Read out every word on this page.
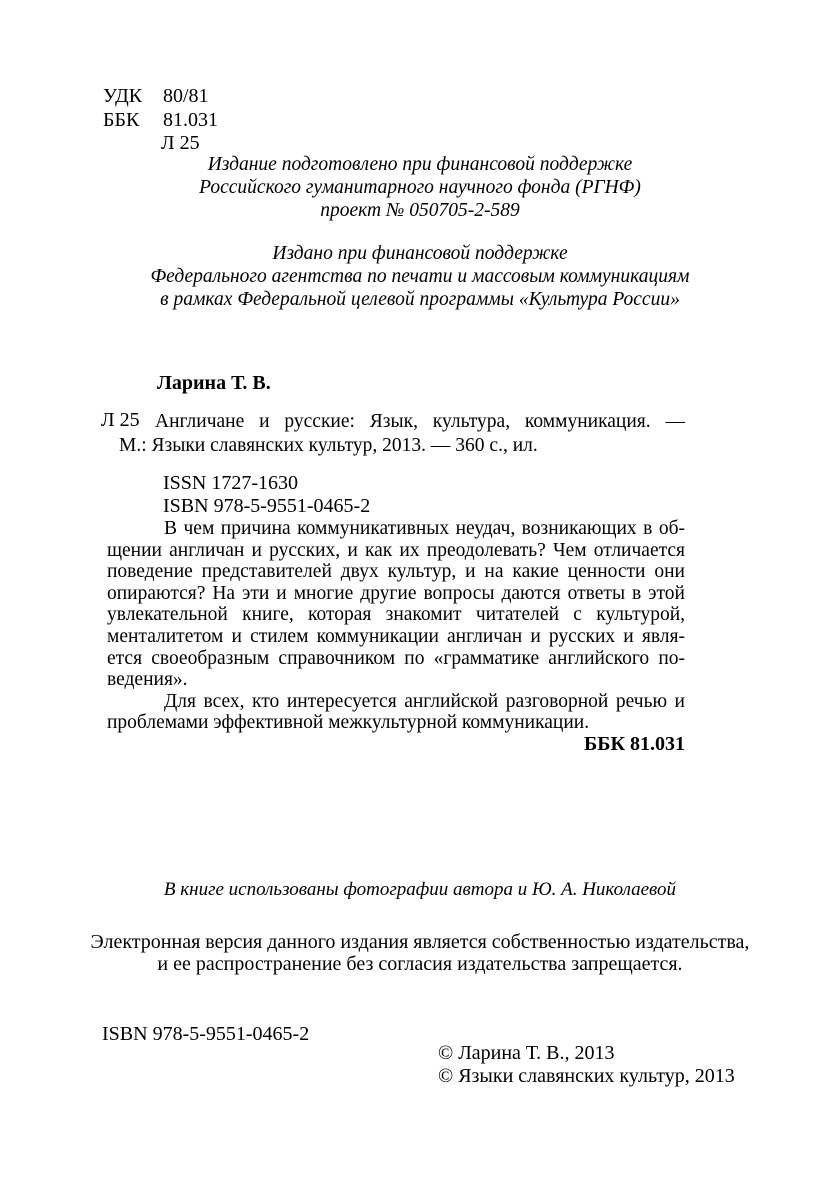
УДК 80/81
ББК 81.031
Л 25
Издание подготовлено при финансовой поддержке
Российского гуманитарного научного фонда (РГНФ)
проект № 050705-2-589
Издано при финансовой поддержке
Федерального агентства по печати и массовым коммуникациям
в рамках Федеральной целевой программы «Культура России»
Ларина Т. В.
Л 25 Англичане и русские: Язык, культура, коммуникация. —
М.: Языки славянских культур, 2013. — 360 с., ил.
ISSN 1727-1630
ISBN 978-5-9551-0465-2
В чем причина коммуникативных неудач, возникающих в об-
щении англичан и русских, и как их преодолевать? Чем отличается
поведение представителей двух культур, и на какие ценности они
опираются? На эти и многие другие вопросы даются ответы в этой
увлекательной книге, которая знакомит читателей с культурой,
менталитетом и стилем коммуникации англичан и русских и явля-
ется своеобразным справочником по «грамматике английского по-
ведения».
Для всех, кто интересуется английской разговорной речью и
проблемами эффективной межкультурной коммуникации.
ББК 81.031
В книге использованы фотографии автора и Ю. А. Николаевой
Электронная версия данного издания является собственностью издательства,
и ее распространение без согласия издательства запрещается.
ISBN 978-5-9551-0465-2
© Ларина Т. В., 2013
© Языки славянских культур, 2013
